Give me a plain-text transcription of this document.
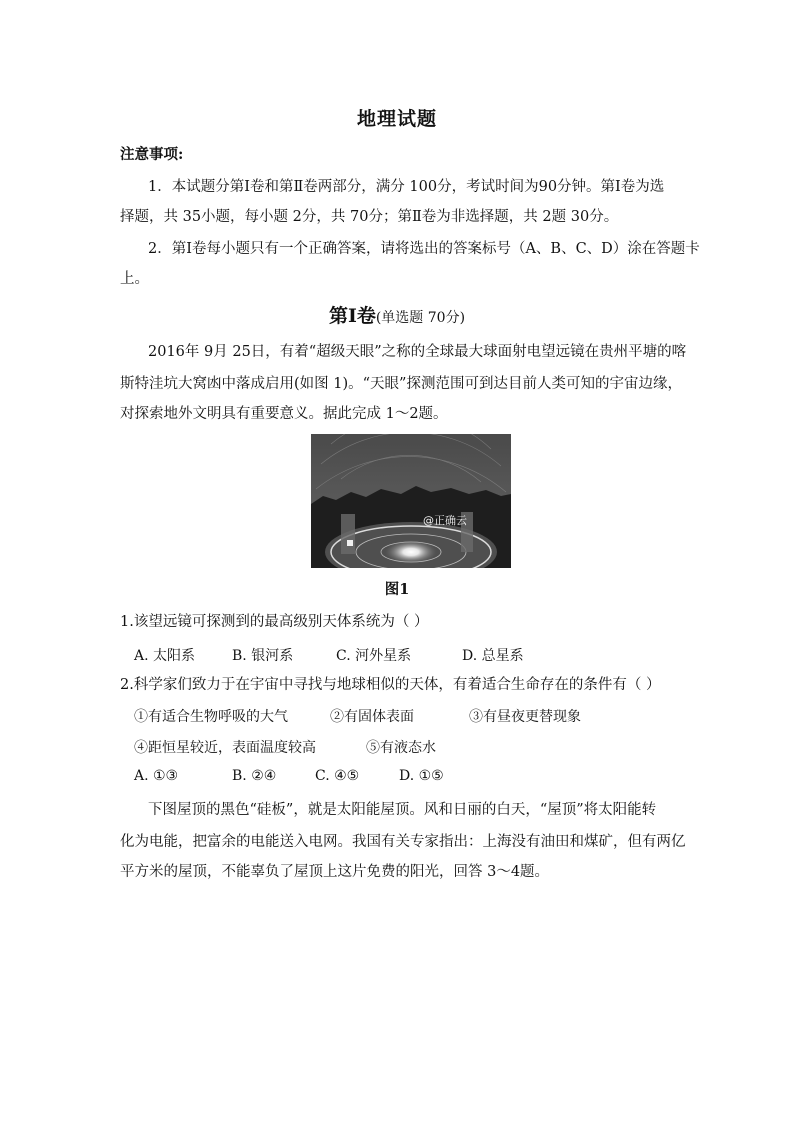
地理试题
注意事项:
1．本试题分第Ⅰ卷和第Ⅱ卷两部分，满分 100分，考试时间为90分钟。第Ⅰ卷为选
择题，共 35小题，每小题 2分，共 70分；第Ⅱ卷为非选择题，共 2题 30分。
2．第Ⅰ卷每小题只有一个正确答案，请将选出的答案标号（A、B、C、D）涂在答题卡
上。
第Ⅰ卷(单选题 70分)
2016年 9月 25日，有着“超级天眼”之称的全球最大球面射电望远镜在贵州平塘的喀
斯特洼坑大窝凼中落成启用(如图 1)。“天眼”探测范围可到达目前人类可知的宇宙边缘，
对探索地外文明具有重要意义。据此完成 1～2题。
@正确云
图1
1.该望远镜可探测到的最高级别天体系统为（ ）
A. 太阳系	B. 银河系	C. 河外星系	D. 总星系
2.科学家们致力于在宇宙中寻找与地球相似的天体，有着适合生命存在的条件有（ ）
①有适合生物呼吸的大气	②有固体表面	③有昼夜更替现象
④距恒星较近，表面温度较高	⑤有液态水
A. ①③	B. ②④	C. ④⑤	D. ①⑤
下图屋顶的黑色“硅板”，就是太阳能屋顶。风和日丽的白天，“屋顶”将太阳能转
化为电能，把富余的电能送入电网。我国有关专家指出：上海没有油田和煤矿，但有两亿
平方米的屋顶，不能辜负了屋顶上这片免费的阳光，回答 3～4题。
